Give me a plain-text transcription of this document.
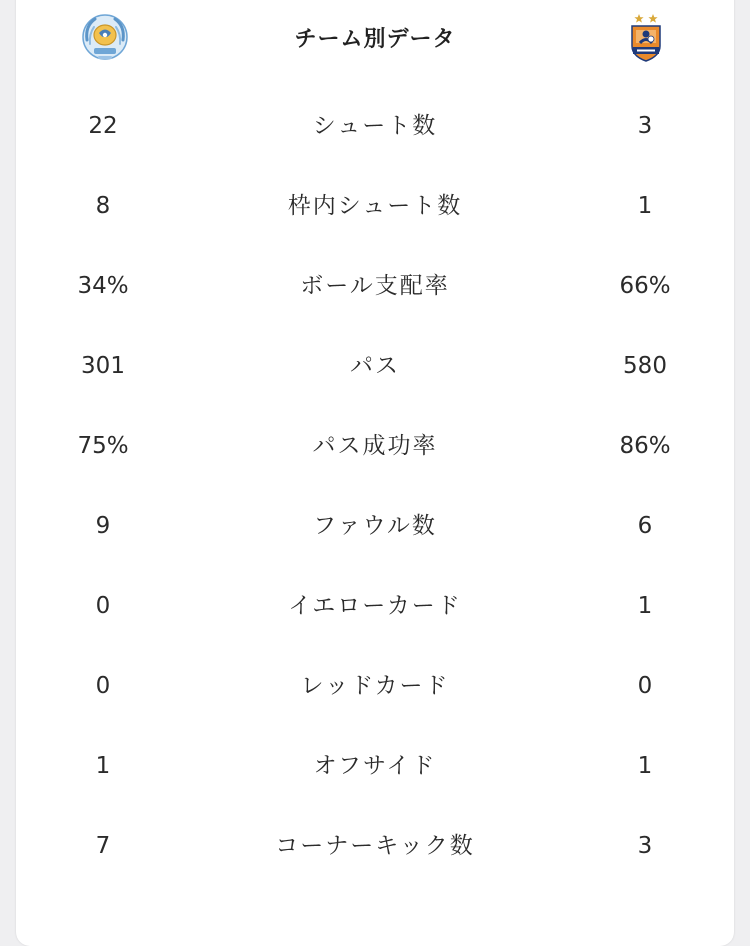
チーム別データ
22	シュート数	3
8	枠内シュート数	1
34%	ボール支配率	66%
301	パス	580
75%	パス成功率	86%
9	ファウル数	6
0	イエローカード	1
0	レッドカード	0
1	オフサイド	1
7	コーナーキック数	3
